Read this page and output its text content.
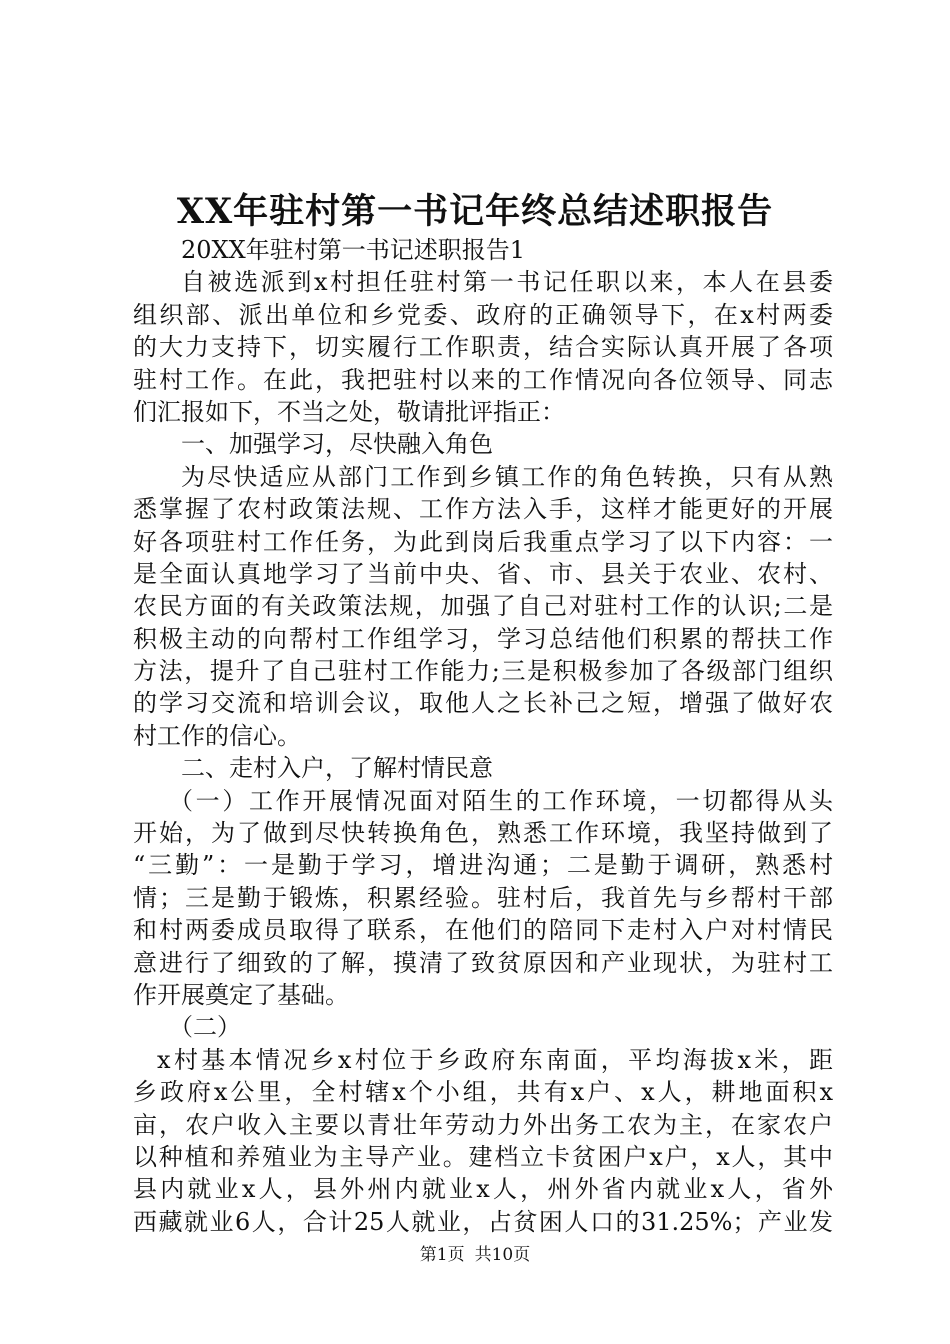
XX年驻村第一书记年终总结述职报告
20XX年驻村第一书记述职报告1
自被选派到x村担任驻村第一书记任职以来，本人在县委
组织部、派出单位和乡党委、政府的正确领导下，在x村两委
的大力支持下，切实履行工作职责，结合实际认真开展了各项
驻村工作。在此，我把驻村以来的工作情况向各位领导、同志
们汇报如下，不当之处，敬请批评指正：
一、加强学习，尽快融入角色
为尽快适应从部门工作到乡镇工作的角色转换，只有从熟
悉掌握了农村政策法规、工作方法入手，这样才能更好的开展
好各项驻村工作任务，为此到岗后我重点学习了以下内容：一
是全面认真地学习了当前中央、省、市、县关于农业、农村、
农民方面的有关政策法规，加强了自己对驻村工作的认识;二是
积极主动的向帮村工作组学习，学习总结他们积累的帮扶工作
方法，提升了自己驻村工作能力;三是积极参加了各级部门组织
的学习交流和培训会议，取他人之长补己之短，增强了做好农
村工作的信心。
二、走村入户，了解村情民意
（一）工作开展情况面对陌生的工作环境，一切都得从头
开始，为了做到尽快转换角色，熟悉工作环境，我坚持做到了
“三勤”：一是勤于学习，增进沟通；二是勤于调研，熟悉村
情；三是勤于锻炼，积累经验。驻村后，我首先与乡帮村干部
和村两委成员取得了联系，在他们的陪同下走村入户对村情民
意进行了细致的了解，摸清了致贫原因和产业现状，为驻村工
作开展奠定了基础。
（二）
x村基本情况乡x村位于乡政府东南面，平均海拔x米，距
乡政府x公里，全村辖x个小组，共有x户、x人，耕地面积x
亩，农户收入主要以青壮年劳动力外出务工农为主，在家农户
以种植和养殖业为主导产业。建档立卡贫困户x户，x人，其中
县内就业x人，县外州内就业x人，州外省内就业x人，省外
西藏就业6人，合计25人就业，占贫困人口的31.25%；产业发
第1页 共10页
